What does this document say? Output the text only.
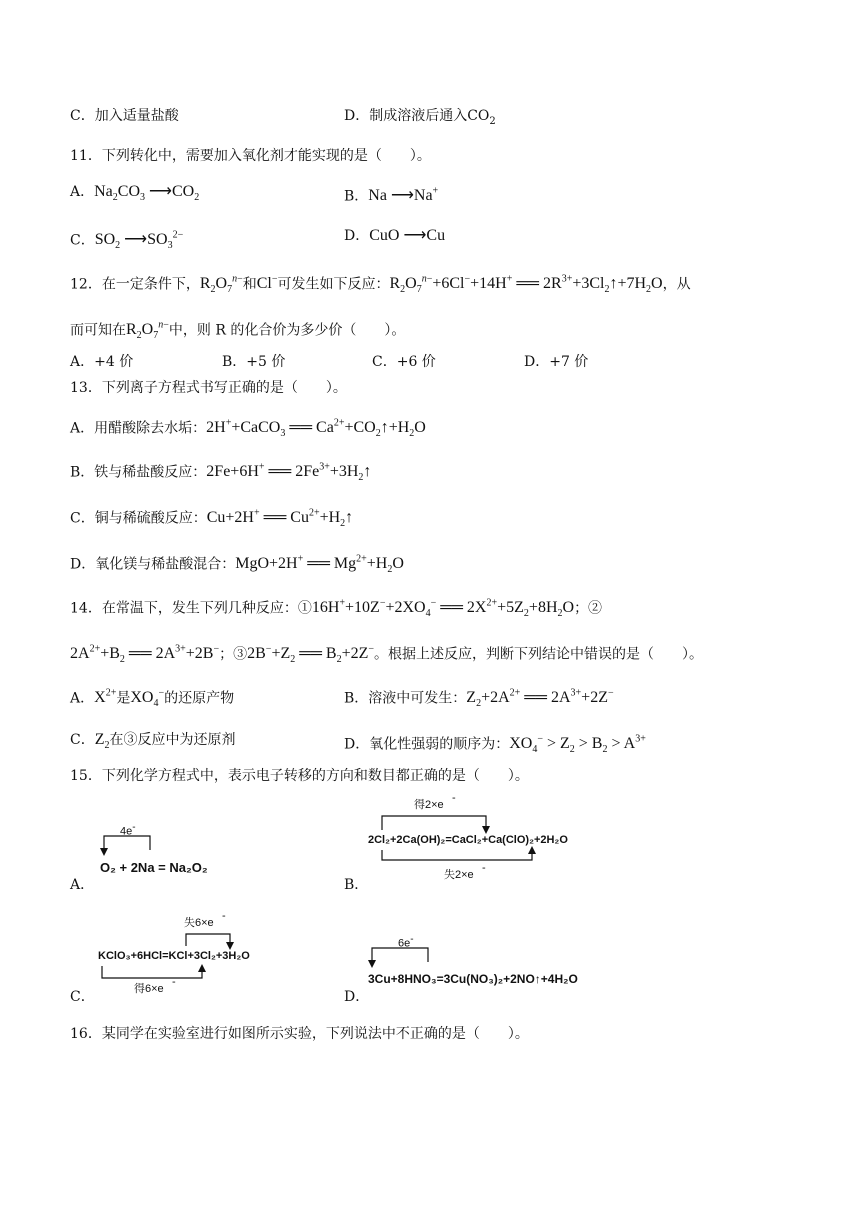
C．加入适量盐酸	D．制成溶液后通入$CO_2$
11．下列转化中，需要加入氧化剂才能实现的是（　　）。
A．$Na_2CO_3$ $⟶CO_2$	B．Na ⟶Na+
C．$SO_2$ $⟶SO_3^{2-}$	D．CuO ⟶Cu
12．在一定条件下，$R_2O_7^{n-}$和Cl−可发生如下反应：$R_2O_7^{n-}+6Cl^-+14H^+$ ══ $2R^{3+}+3Cl_2↑+7H_2O$，从
而可知在$R_2O_7^{n-}$中，则 R 的化合价为多少价（　　）。
A．+4 价	B．+5 价	C．+6 价	D．+7 价
13．下列离子方程式书写正确的是（　　）。
A．用醋酸除去水垢：2H++CaCO$_3$ ══ $Ca^{2+}+CO_2↑+H_2O$
B．铁与稀盐酸反应：2Fe+6H+ ══ $2Fe^{3+}+3H_2↑$
C．铜与稀硫酸反应：Cu+2H+ ══ $Cu^{2+}+H_2↑$
D．氧化镁与稀盐酸混合：MgO+2H+ ══ $Mg^{2+}+H_2O$
14．在常温下，发生下列几种反应：$①16H^++10Z^-+2XO_4^-$ ══ $2X^{2+}+5Z_2+8H_2O$；②
$2A^{2+}+B_2$ ══ $2A^{3+}+2B^-$；$③2B^-+Z_2$ ══ $B_2+2Z^-$。根据上述反应，判断下列结论中错误的是（　　）。
A．$X^{2+}$是$XO_4^-$的还原产物	B．溶液中可发生：$Z_2+2A^{2+}$ ══ $2A^{3+}+2Z^-$
C．$Z_2$在③反应中为还原剂	D．氧化性强弱的顺序为：$XO_4^- > Z_2 > B_2 > A^{3+}$
15．下列化学方程式中，表示电子转移的方向和数目都正确的是（　　）。
A．
4e-
O₂ + 2Na = Na₂O₂
B．
得2×e
-
2Cl₂+2Ca(OH)₂=CaCl₂+Ca(ClO)₂+2H₂O
失2×e
-
C．
失6×e
-
KClO₃+6HCl=KCl+3Cl₂+3H₂O
得6×e
-
D．
6e-
3Cu+8HNO₃=3Cu(NO₃)₂+2NO↑+4H₂O
16．某同学在实验室进行如图所示实验，下列说法中不正确的是（　　）。
